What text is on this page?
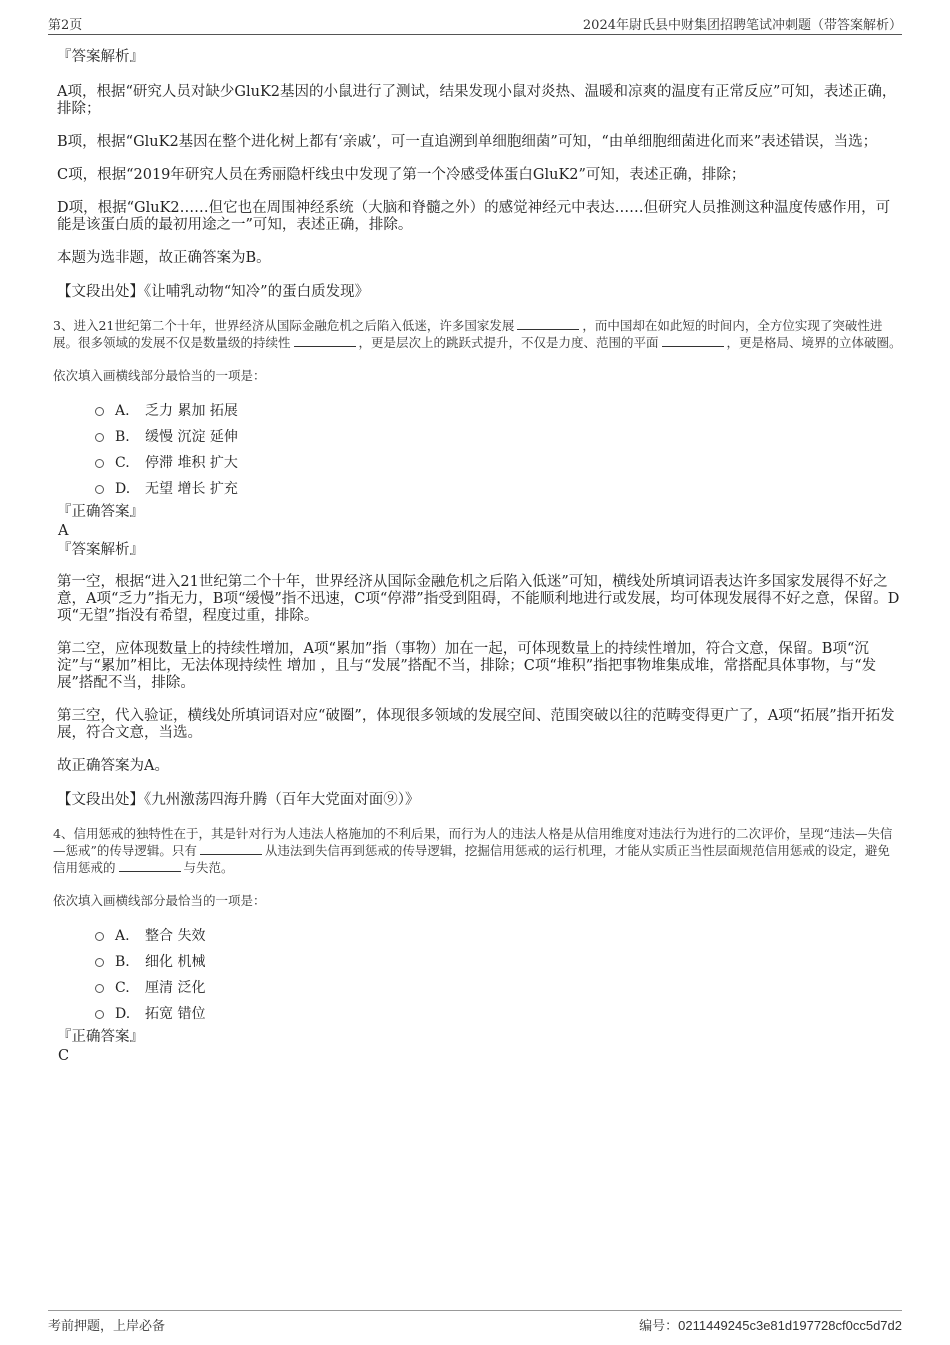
第2页	2024年尉氏县中财集团招聘笔试冲刺题（带答案解析）
『答案解析』

A项，根据“研究人员对缺少GluK2基因的小鼠进行了测试，结果发现小鼠对炎热、温暖和凉爽的温度有正常反应”可知，表述正确，排除；

B项，根据“GluK2基因在整个进化树上都有‘亲戚’，可一直追溯到单细胞细菌”可知，“由单细胞细菌进化而来”表述错误，当选；

C项，根据“2019年研究人员在秀丽隐杆线虫中发现了第一个冷感受体蛋白GluK2”可知，表述正确，排除；

D项，根据“GluK2……但它也在周围神经系统（大脑和脊髓之外）的感觉神经元中表达……但研究人员推测这种温度传感作用，可能是该蛋白质的最初用途之一”可知，表述正确，排除。

本题为选非题，故正确答案为B。

【文段出处】《让哺乳动物“知冷”的蛋白质发现》

3、进入21世纪第二个十年，世界经济从国际金融危机之后陷入低迷，许多国家发展	，而中国却在如此短的时间内，全方位实现了突破性进展。很多领域的发展不仅是数量级的持续性	，更是层次上的跳跃式提升，不仅是力度、范围的平面	，更是格局、境界的立体破圈。

依次填入画横线部分最恰当的一项是：

A. 乏力 累加 拓展
B. 缓慢 沉淀 延伸
C. 停滞 堆积 扩大
D. 无望 增长 扩充
『正确答案』
A
『答案解析』

第一空，根据“进入21世纪第二个十年，世界经济从国际金融危机之后陷入低迷”可知，横线处所填词语表达许多国家发展得不好之意，A项“乏力”指无力，B项“缓慢”指不迅速，C项“停滞”指受到阻碍，不能顺利地进行或发展，均可体现发展得不好之意，保留。D项“无望”指没有希望，程度过重，排除。

第二空，应体现数量上的持续性增加，A项“累加”指（事物）加在一起，可体现数量上的持续性增加，符合文意，保留。B项“沉淀”与“累加”相比，无法体现持续性 增加 ，且与“发展”搭配不当，排除；C项“堆积”指把事物堆集成堆，常搭配具体事物，与“发展”搭配不当，排除。

第三空，代入验证，横线处所填词语对应“破圈”，体现很多领域的发展空间、范围突破以往的范畴变得更广了，A项“拓展”指开拓发展，符合文意，当选。

故正确答案为A。

【文段出处】《九州激荡四海升腾（百年大党面对面⑨）》

4、信用惩戒的独特性在于，其是针对行为人违法人格施加的不利后果，而行为人的违法人格是从信用维度对违法行为进行的二次评价，呈现“违法—失信—惩戒”的传导逻辑。只有	从违法到失信再到惩戒的传导逻辑，挖掘信用惩戒的运行机理，才能从实质正当性层面规范信用惩戒的设定，避免信用惩戒的	与失范。

依次填入画横线部分最恰当的一项是：

A. 整合 失效
B. 细化 机械
C. 厘清 泛化
D. 拓宽 错位
『正确答案』
C
考前押题，上岸必备	编号：0211449245c3e81d197728cf0cc5d7d2
